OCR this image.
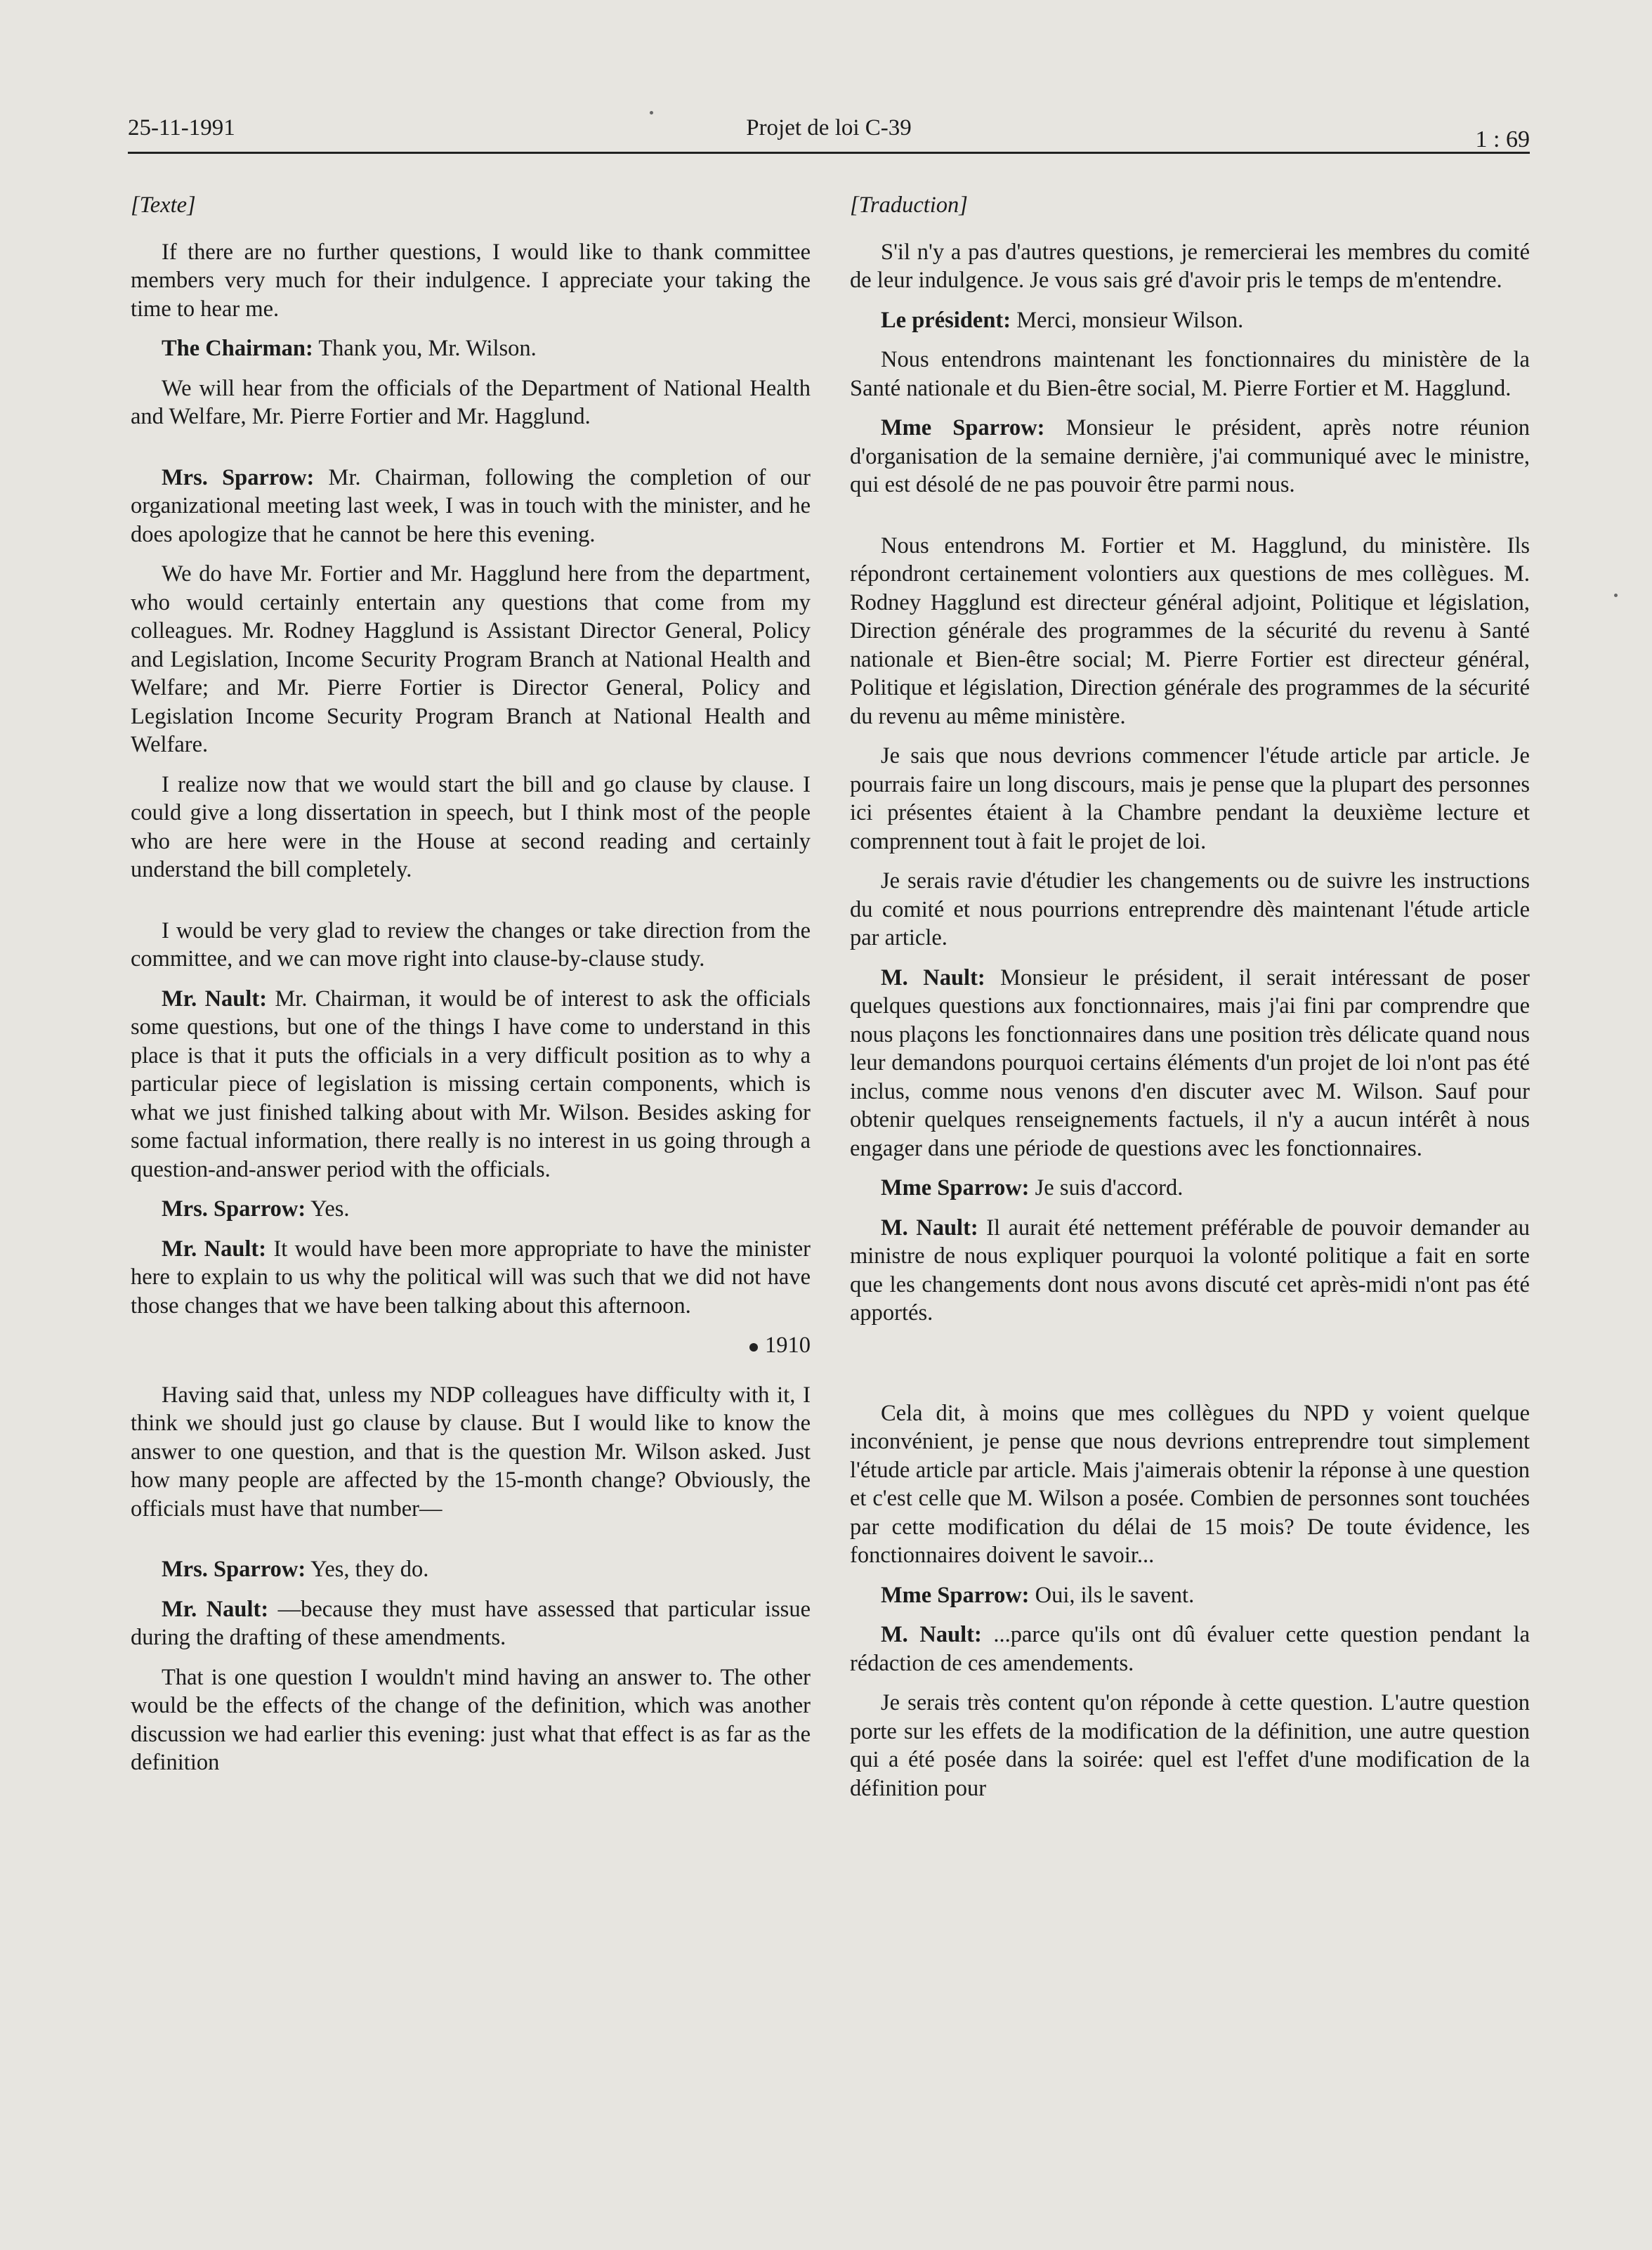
25-11-1991	Projet de loi C-39	1 : 69

[Texte]

If there are no further questions, I would like to thank committee members very much for their indulgence. I appreciate your taking the time to hear me.

The Chairman: Thank you, Mr. Wilson.

We will hear from the officials of the Department of National Health and Welfare, Mr. Pierre Fortier and Mr. Hagglund.

Mrs. Sparrow: Mr. Chairman, following the completion of our organizational meeting last week, I was in touch with the minister, and he does apologize that he cannot be here this evening.

We do have Mr. Fortier and Mr. Hagglund here from the department, who would certainly entertain any questions that come from my colleagues. Mr. Rodney Hagglund is Assistant Director General, Policy and Legislation, Income Security Program Branch at National Health and Welfare; and Mr. Pierre Fortier is Director General, Policy and Legislation Income Security Program Branch at National Health and Welfare.

I realize now that we would start the bill and go clause by clause. I could give a long dissertation in speech, but I think most of the people who are here were in the House at second reading and certainly understand the bill completely.

I would be very glad to review the changes or take direction from the committee, and we can move right into clause-by-clause study.

Mr. Nault: Mr. Chairman, it would be of interest to ask the officials some questions, but one of the things I have come to understand in this place is that it puts the officials in a very difficult position as to why a particular piece of legislation is missing certain components, which is what we just finished talking about with Mr. Wilson. Besides asking for some factual information, there really is no interest in us going through a question-and-answer period with the officials.

Mrs. Sparrow: Yes.

Mr. Nault: It would have been more appropriate to have the minister here to explain to us why the political will was such that we did not have those changes that we have been talking about this afternoon.

1910

Having said that, unless my NDP colleagues have difficulty with it, I think we should just go clause by clause. But I would like to know the answer to one question, and that is the question Mr. Wilson asked. Just how many people are affected by the 15-month change? Obviously, the officials must have that number—

Mrs. Sparrow: Yes, they do.

Mr. Nault: —because they must have assessed that particular issue during the drafting of these amendments.

That is one question I wouldn't mind having an answer to. The other would be the effects of the change of the definition, which was another discussion we had earlier this evening: just what that effect is as far as the definition

[Traduction]

S'il n'y a pas d'autres questions, je remercierai les membres du comité de leur indulgence. Je vous sais gré d'avoir pris le temps de m'entendre.

Le président: Merci, monsieur Wilson.

Nous entendrons maintenant les fonctionnaires du ministère de la Santé nationale et du Bien-être social, M. Pierre Fortier et M. Hagglund.

Mme Sparrow: Monsieur le président, après notre réunion d'organisation de la semaine dernière, j'ai communiqué avec le ministre, qui est désolé de ne pas pouvoir être parmi nous.

Nous entendrons M. Fortier et M. Hagglund, du ministère. Ils répondront certainement volontiers aux questions de mes collègues. M. Rodney Hagglund est directeur général adjoint, Politique et législation, Direction générale des programmes de la sécurité du revenu à Santé nationale et Bien-être social; M. Pierre Fortier est directeur général, Politique et législation, Direction générale des programmes de la sécurité du revenu au même ministère.

Je sais que nous devrions commencer l'étude article par article. Je pourrais faire un long discours, mais je pense que la plupart des personnes ici présentes étaient à la Chambre pendant la deuxième lecture et comprennent tout à fait le projet de loi.

Je serais ravie d'étudier les changements ou de suivre les instructions du comité et nous pourrions entreprendre dès maintenant l'étude article par article.

M. Nault: Monsieur le président, il serait intéressant de poser quelques questions aux fonctionnaires, mais j'ai fini par comprendre que nous plaçons les fonctionnaires dans une position très délicate quand nous leur demandons pourquoi certains éléments d'un projet de loi n'ont pas été inclus, comme nous venons d'en discuter avec M. Wilson. Sauf pour obtenir quelques renseignements factuels, il n'y a aucun intérêt à nous engager dans une période de questions avec les fonctionnaires.

Mme Sparrow: Je suis d'accord.

M. Nault: Il aurait été nettement préférable de pouvoir demander au ministre de nous expliquer pourquoi la volonté politique a fait en sorte que les changements dont nous avons discuté cet après-midi n'ont pas été apportés.

Cela dit, à moins que mes collègues du NPD y voient quelque inconvénient, je pense que nous devrions entreprendre tout simplement l'étude article par article. Mais j'aimerais obtenir la réponse à une question et c'est celle que M. Wilson a posée. Combien de personnes sont touchées par cette modification du délai de 15 mois? De toute évidence, les fonctionnaires doivent le savoir...

Mme Sparrow: Oui, ils le savent.

M. Nault: ...parce qu'ils ont dû évaluer cette question pendant la rédaction de ces amendements.

Je serais très content qu'on réponde à cette question. L'autre question porte sur les effets de la modification de la définition, une autre question qui a été posée dans la soirée: quel est l'effet d'une modification de la définition pour
